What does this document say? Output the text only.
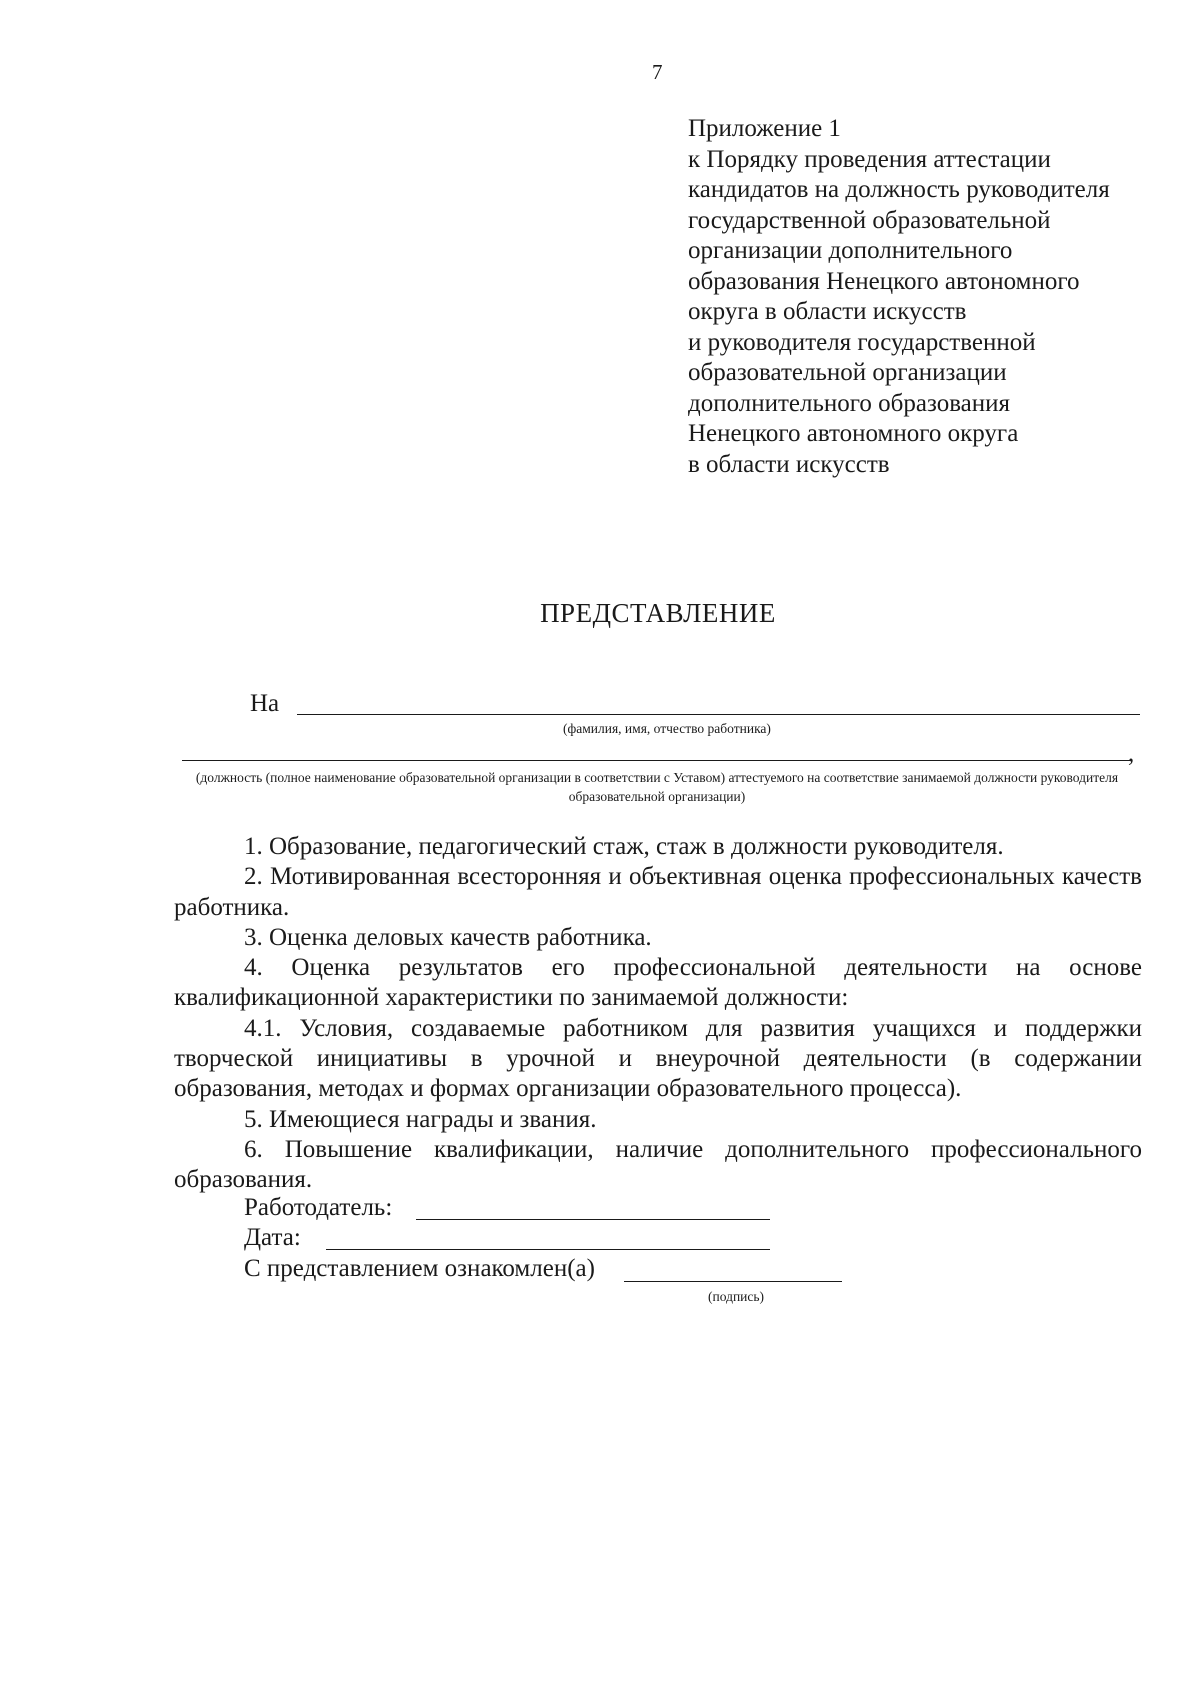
7
Приложение 1
к Порядку проведения аттестации
кандидатов на должность руководителя
государственной образовательной
организации дополнительного
образования Ненецкого автономного
округа в области искусств
и руководителя государственной
образовательной организации
дополнительного образования
Ненецкого автономного округа
в области искусств
ПРЕДСТАВЛЕНИЕ
На
(фамилия, имя, отчество работника)
,
(должность (полное наименование образовательной организации в соответствии с Уставом) аттестуемого на соответствие занимаемой должности руководителя образовательной организации)

1. Образование, педагогический стаж, стаж в должности руководителя.

2. Мотивированная всесторонняя и объективная оценка профессиональных качеств работника.

3. Оценка деловых качеств работника.

4. Оценка результатов его профессиональной деятельности на основе квалификационной характеристики по занимаемой должности:

4.1. Условия, создаваемые работником для развития учащихся и поддержки творческой инициативы в урочной и внеурочной деятельности (в содержании образования, методах и формах организации образовательного процесса).

5. Имеющиеся награды и звания.

6. Повышение квалификации, наличие дополнительного профессионального образования.

Работодатель:
Дата:
С представлением ознакомлен(а)
(подпись)
